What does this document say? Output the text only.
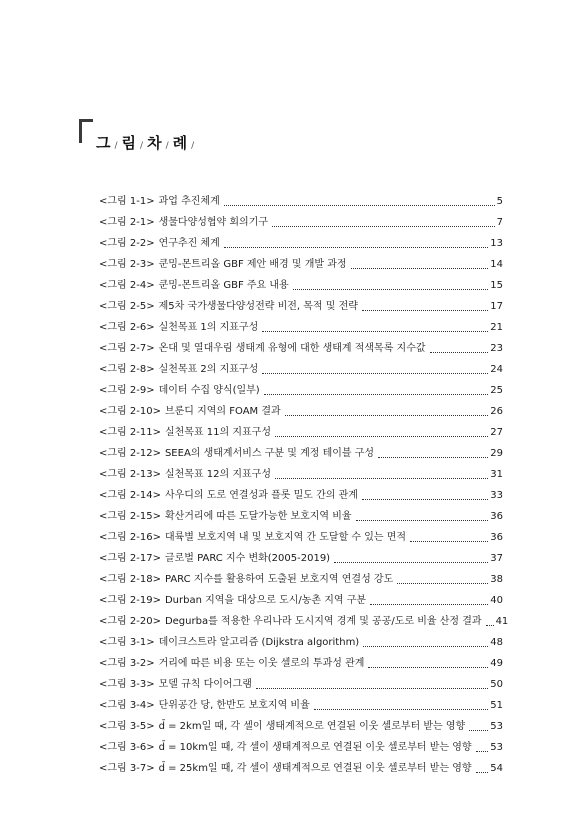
그 / 림 / 차 / 례 /
<그림 1-1> 과업 추진체계	5
<그림 2-1> 생물다양성협약 회의기구	7
<그림 2-2> 연구추진 체계	13
<그림 2-3> 쿤밍-몬트리올 GBF 제안 배경 및 개발 과정	14
<그림 2-4> 쿤밍-몬트리올 GBF 주요 내용	15
<그림 2-5> 제5차 국가생물다양성전략 비전, 목적 및 전략	17
<그림 2-6> 실천목표 1의 지표구성	21
<그림 2-7> 온대 및 열대우림 생태계 유형에 대한 생태계 적색목록 지수값	23
<그림 2-8> 실천목표 2의 지표구성	24
<그림 2-9> 데이터 수집 양식(일부)	25
<그림 2-10> 브룬디 지역의 FOAM 결과	26
<그림 2-11> 실천목표 11의 지표구성	27
<그림 2-12> SEEA의 생태계서비스 구분 및 계정 테이블 구성	29
<그림 2-13> 실천목표 12의 지표구성	31
<그림 2-14> 사우디의 도로 연결성과 플롯 밀도 간의 관계	33
<그림 2-15> 확산거리에 따른 도달가능한 보호지역 비율	36
<그림 2-16> 대륙별 보호지역 내 및 보호지역 간 도달할 수 있는 면적	36
<그림 2-17> 글로벌 PARC 지수 변화(2005-2019)	37
<그림 2-18> PARC 지수를 활용하여 도출된 보호지역 연결성 강도	38
<그림 2-19> Durban 지역을 대상으로 도시/농촌 지역 구분	40
<그림 2-20> Degurba를 적용한 우리나라 도시지역 경계 및 공공/도로 비율 산정 결과 41
<그림 3-1> 데이크스트라 알고리즘 (Dijkstra algorithm)	48
<그림 3-2> 거리에 따른 비용 또는 이웃 셀로의 투과성 관계	49
<그림 3-3> 모델 규칙 다이어그램	50
<그림 3-4> 단위공간 당, 한반도 보호지역 비율	51
<그림 3-5> d̄ = 2km일 때, 각 셀이 생태계적으로 연결된 이웃 셀로부터 받는 영향	53
<그림 3-6> d̄ = 10km일 때, 각 셀이 생태계적으로 연결된 이웃 셀로부터 받는 영향 53
<그림 3-7> d̄ = 25km일 때, 각 셀이 생태계적으로 연결된 이웃 셀로부터 받는 영향 54
